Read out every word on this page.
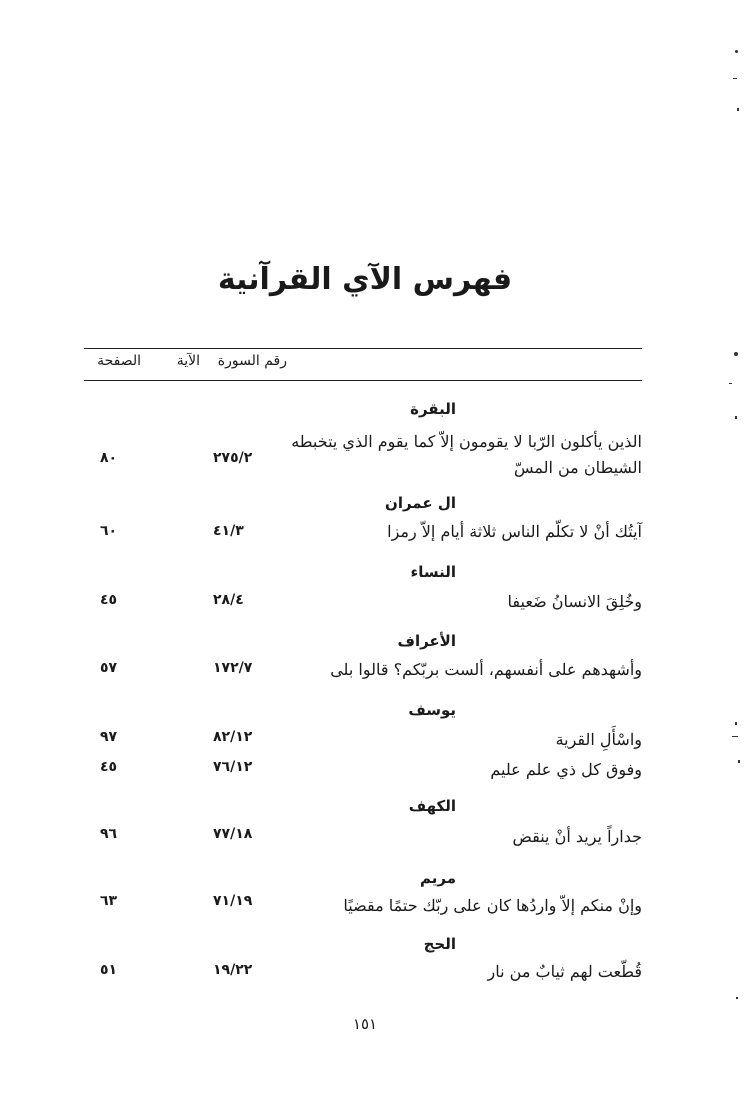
فهرس الآي القرآنية
رقم السورة
الآية
الصفحة
البقرة
الذين يأكلون الرّبا لا يقومون إلاّ كما يقوم الذي يتخبطه
الشيطان من المسّ
٢٧٥/٢
٨٠
ال عمران
آيتُك أنْ لا تكلّم الناس ثلاثة أيام إلاّ رمزا
٤١/٣
٦٠
النساء
وخُلِقَ الانسانُ ضَعيفا
٢٨/٤
٤٥
الأعراف
وأشهدهم على أنفسهم، ألست بربّكم؟ قالوا بلى
١٧٢/٧
٥٧
يوسف
واسْأَلِ القرية
٨٢/١٢
٩٧
وفوق كل ذي علم عليم
٧٦/١٢
٤٥
الكهف
جداراً يريد أنْ ينقض
٧٧/١٨
٩٦
مريم
وإنْ منكم إلاّ واردُها كان على ربّك حتمًا مقضيًا
٧١/١٩
٦٣
الحج
قُطّعت لهم ثيابٌ من نار
١٩/٢٢
٥١
١٥١
